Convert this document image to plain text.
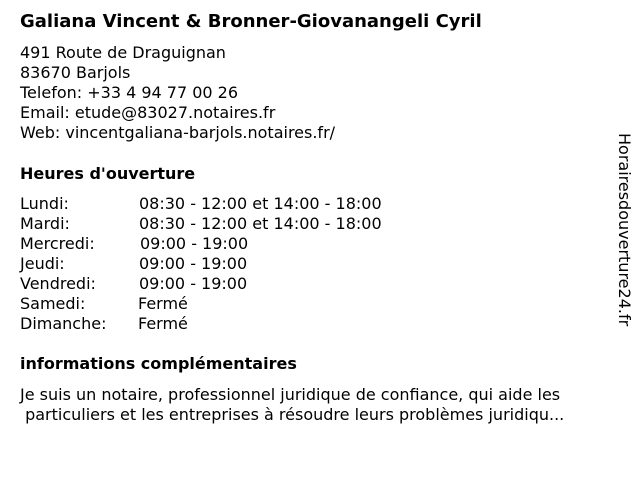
Galiana Vincent & Bronner-Giovanangeli Cyril
491 Route de Draguignan
83670 Barjols
Telefon: +33 4 94 77 00 26
Email: etude@83027.notaires.fr
Web: vincentgaliana-barjols.notaires.fr/
Heures d'ouverture
Lundi:	08:30 - 12:00 et 14:00 - 18:00
Mardi:	08:30 - 12:00 et 14:00 - 18:00
Mercredi:	09:00 - 19:00
Jeudi:	09:00 - 19:00
Vendredi:	09:00 - 19:00
Samedi:	Fermé
Dimanche: Fermé
informations complémentaires
Je suis un notaire, professionnel juridique de confiance, qui aide les
particuliers et les entreprises à résoudre leurs problèmes juridiqu...
Horairesdouverture24.fr
